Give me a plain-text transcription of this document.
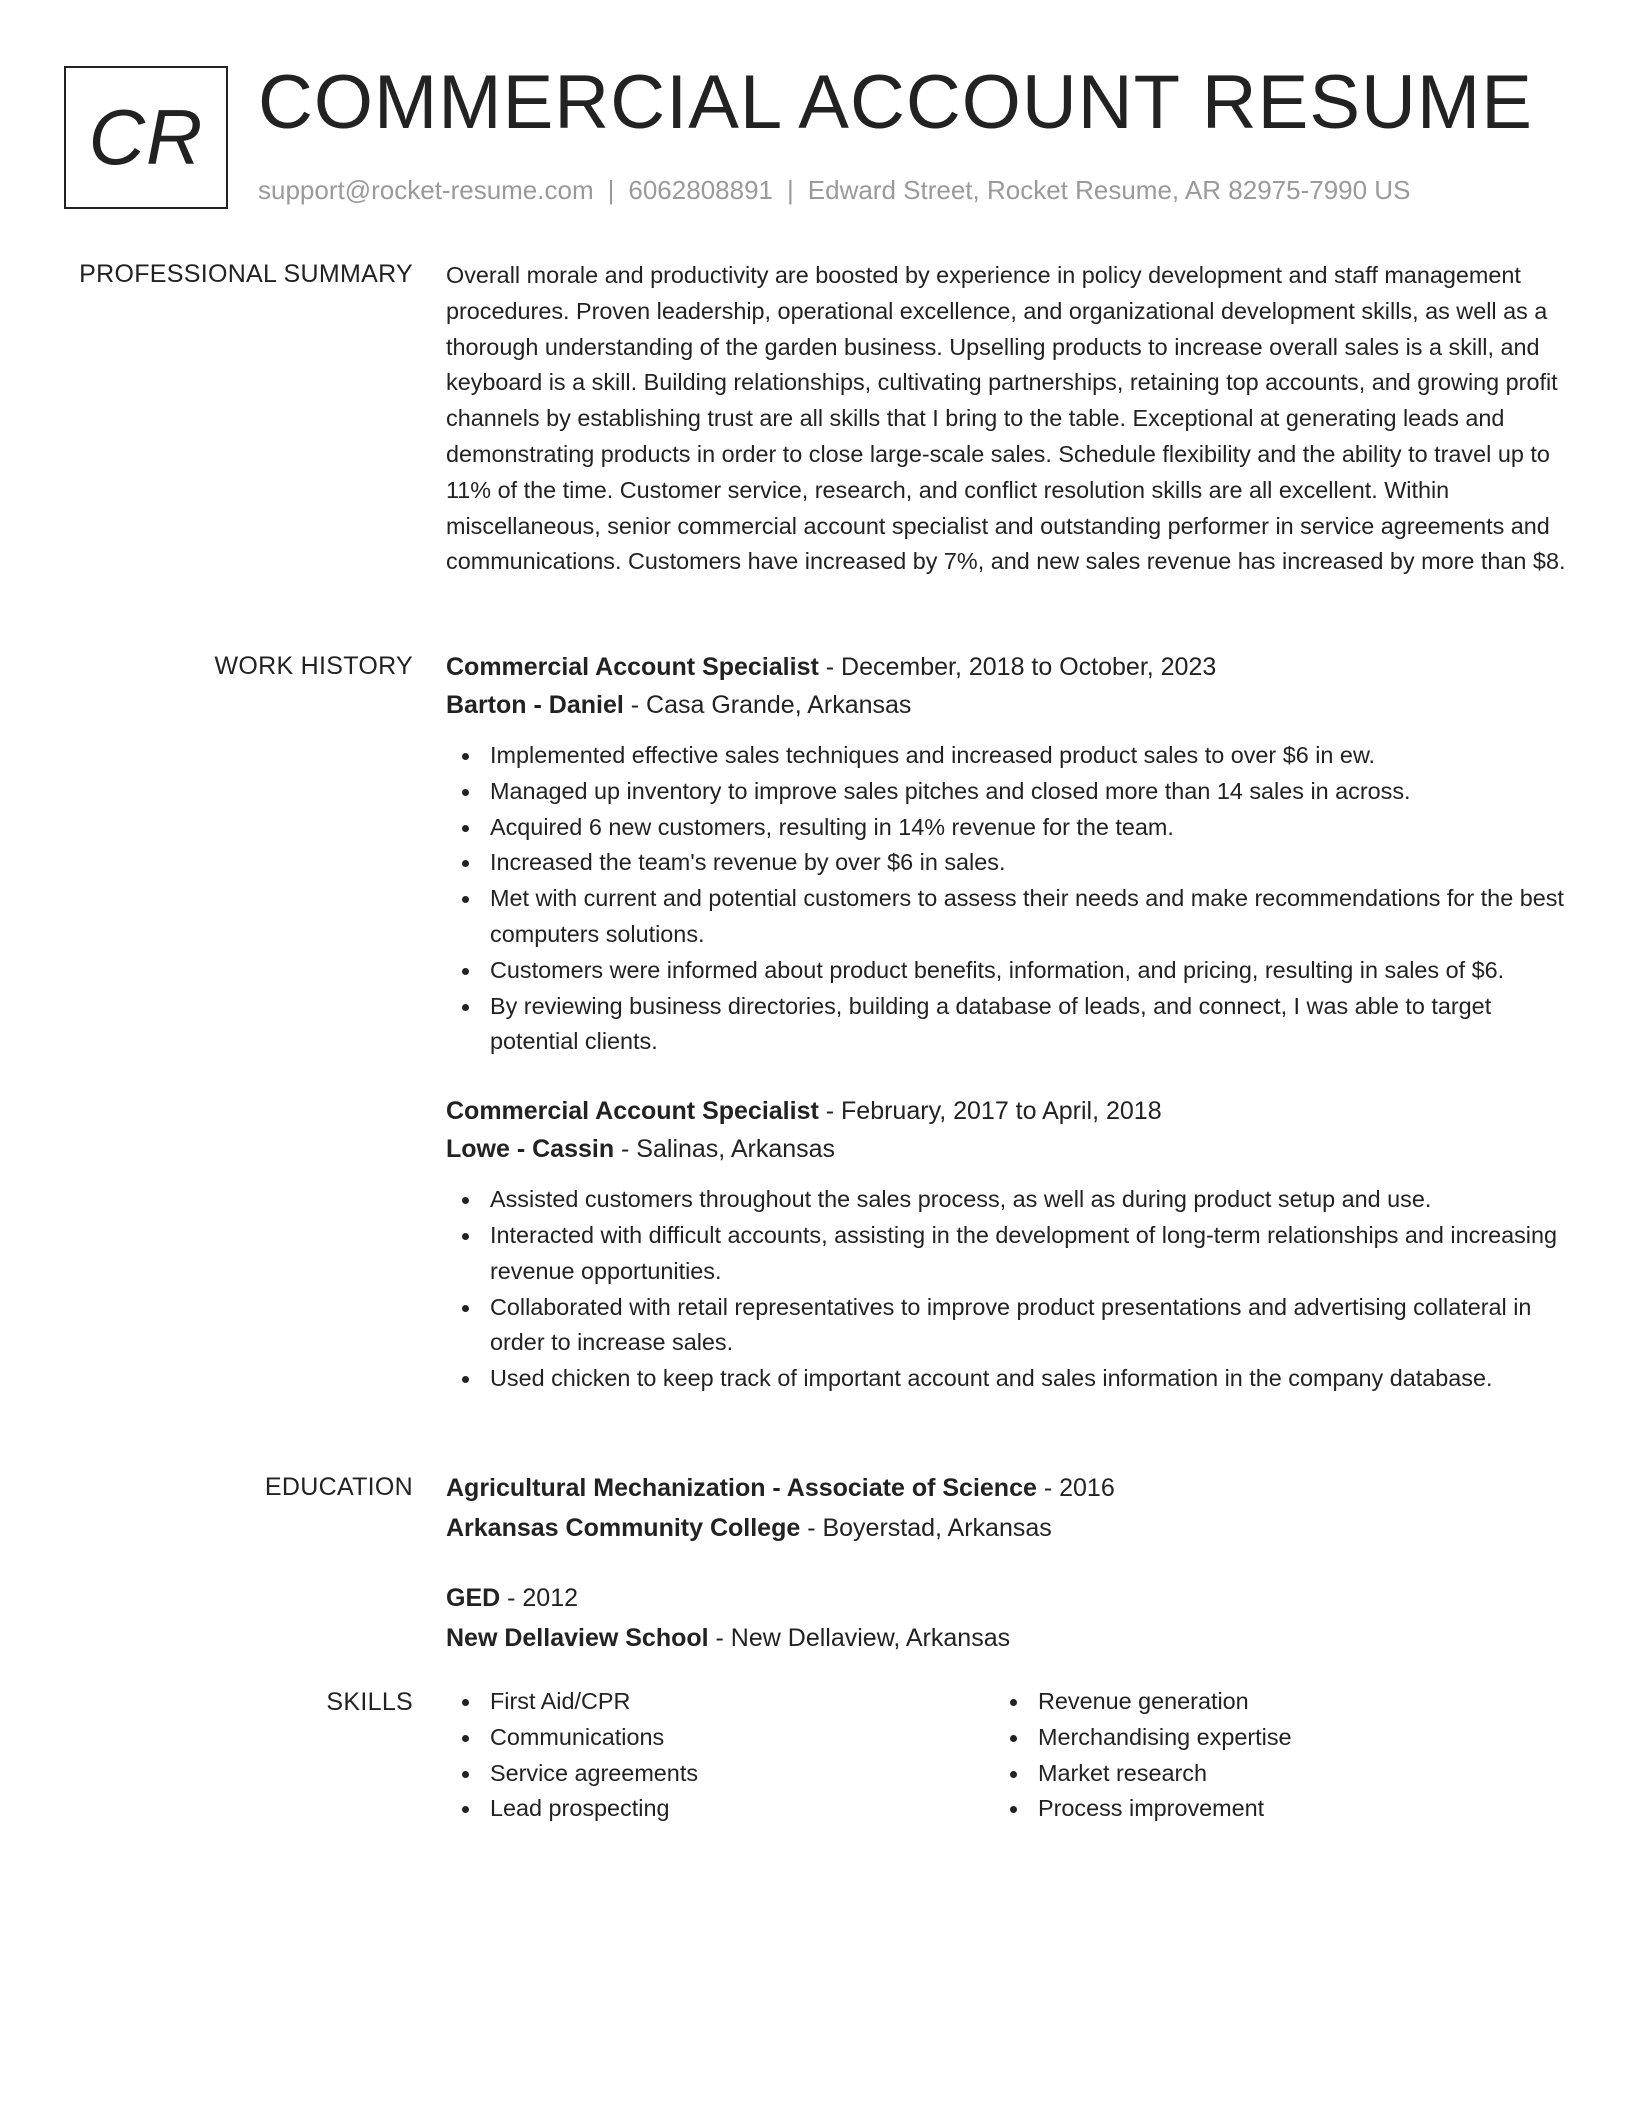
CR COMMERCIAL ACCOUNT RESUME
support@rocket-resume.com | 6062808891 | Edward Street, Rocket Resume, AR 82975-7990 US
PROFESSIONAL SUMMARY Overall morale and productivity are boosted by experience in policy development and staff management procedures. Proven leadership, operational excellence, and organizational development skills, as well as a thorough understanding of the garden business. Upselling products to increase overall sales is a skill, and keyboard is a skill. Building relationships, cultivating partnerships, retaining top accounts, and growing profit channels by establishing trust are all skills that I bring to the table. Exceptional at generating leads and demonstrating products in order to close large-scale sales. Schedule flexibility and the ability to travel up to 11% of the time. Customer service, research, and conflict resolution skills are all excellent. Within miscellaneous, senior commercial account specialist and outstanding performer in service agreements and communications. Customers have increased by 7%, and new sales revenue has increased by more than $8.
WORK HISTORY Commercial Account Specialist - December, 2018 to October, 2023
Barton - Daniel - Casa Grande, Arkansas
Implemented effective sales techniques and increased product sales to over $6 in ew.
Managed up inventory to improve sales pitches and closed more than 14 sales in across.
Acquired 6 new customers, resulting in 14% revenue for the team.
Increased the team's revenue by over $6 in sales.
Met with current and potential customers to assess their needs and make recommendations for the best computers solutions.
Customers were informed about product benefits, information, and pricing, resulting in sales of $6.
By reviewing business directories, building a database of leads, and connect, I was able to target potential clients.
Commercial Account Specialist - February, 2017 to April, 2018
Lowe - Cassin - Salinas, Arkansas
Assisted customers throughout the sales process, as well as during product setup and use.
Interacted with difficult accounts, assisting in the development of long-term relationships and increasing revenue opportunities.
Collaborated with retail representatives to improve product presentations and advertising collateral in order to increase sales.
Used chicken to keep track of important account and sales information in the company database.
EDUCATION Agricultural Mechanization - Associate of Science - 2016
Arkansas Community College - Boyerstad, Arkansas
GED - 2012
New Dellaview School - New Dellaview, Arkansas
SKILLS	First Aid/CPR
Communications
Service agreements
Lead prospecting
Revenue generation
Merchandising expertise
Market research
Process improvement
